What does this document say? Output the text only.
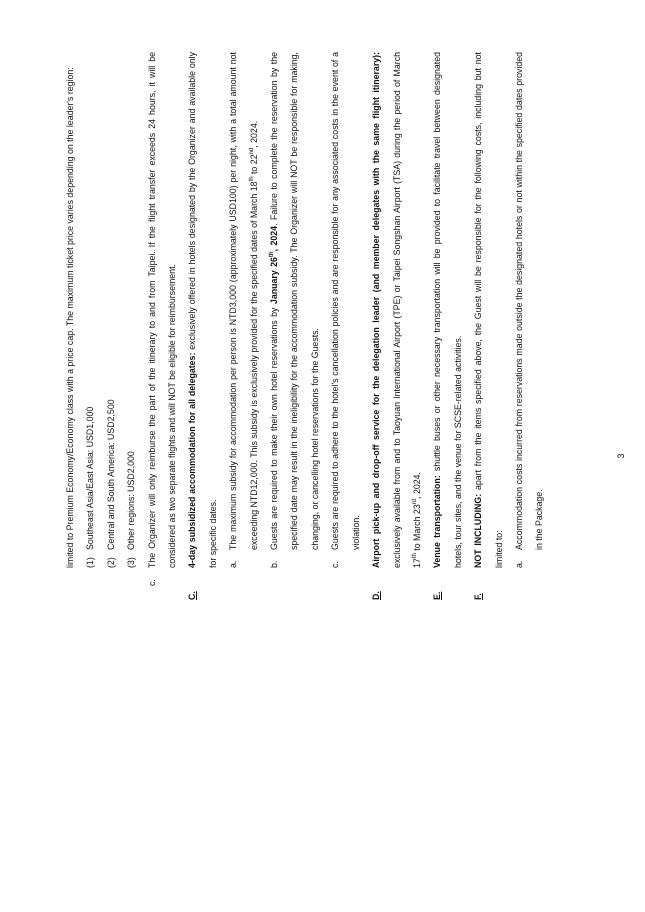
limited to Premium Economy/Economy class with a price cap. The maximum ticket price varies depending on the leader's region:	(1)
Southeast Asia/East Asia: USD1,000
(2)
Central and South America: USD2,500
(3)
Other regions: USD2,000
c.
The Organizer will only reimburse the part of the itinerary to and from Taipei. If the flight transfer exceeds 24 hours, it will be considered as two separate flights and will NOT be eligible for reimbursement.
C.
4-day subsidized accommodation for all delegates: exclusively offered in hotels designated by the Organizer and available only for specific dates.	a.
The maximum subsidy for accommodation per person is NTD3,000 (approximately USD100) per night, with a total amount not exceeding NTD12,000. This subsidy is exclusively provided for the specified dates of March 18th to 22nd, 2024.
b.
Guests are required to make their own hotel reservations by January 26th, 2024. Failure to complete the reservation by the specified date may result in the ineligibility for the accommodation subsidy. The Organizer will NOT be responsible for making, changing, or cancelling hotel reservations for the Guests.
c.
Guests are required to adhere to the hotel's cancellation policies and are responsible for any associated costs in the event of a violation.
D.
Airport pick-up and drop-off service for the delegation leader (and member delegates with the same flight itinerary): exclusively available from and to Taoyuan International Airport (TPE) or Taipei Songshan Airport (TSA) during the period of March 17th to March 23rd, 2024.
E.
Venue transportation: shuttle buses or other necessary transportation will be provided to facilitate travel between designated hotels, tour sites, and the venue for SCSE-related activities.
F.
NOT INCLUDING: apart from the items specified above, the Guest will be responsible for the following costs, including but not limited to:	a.
Accommodation costs incurred from reservations made outside the designated hotels or not within the specified dates provided in the Package.
3
